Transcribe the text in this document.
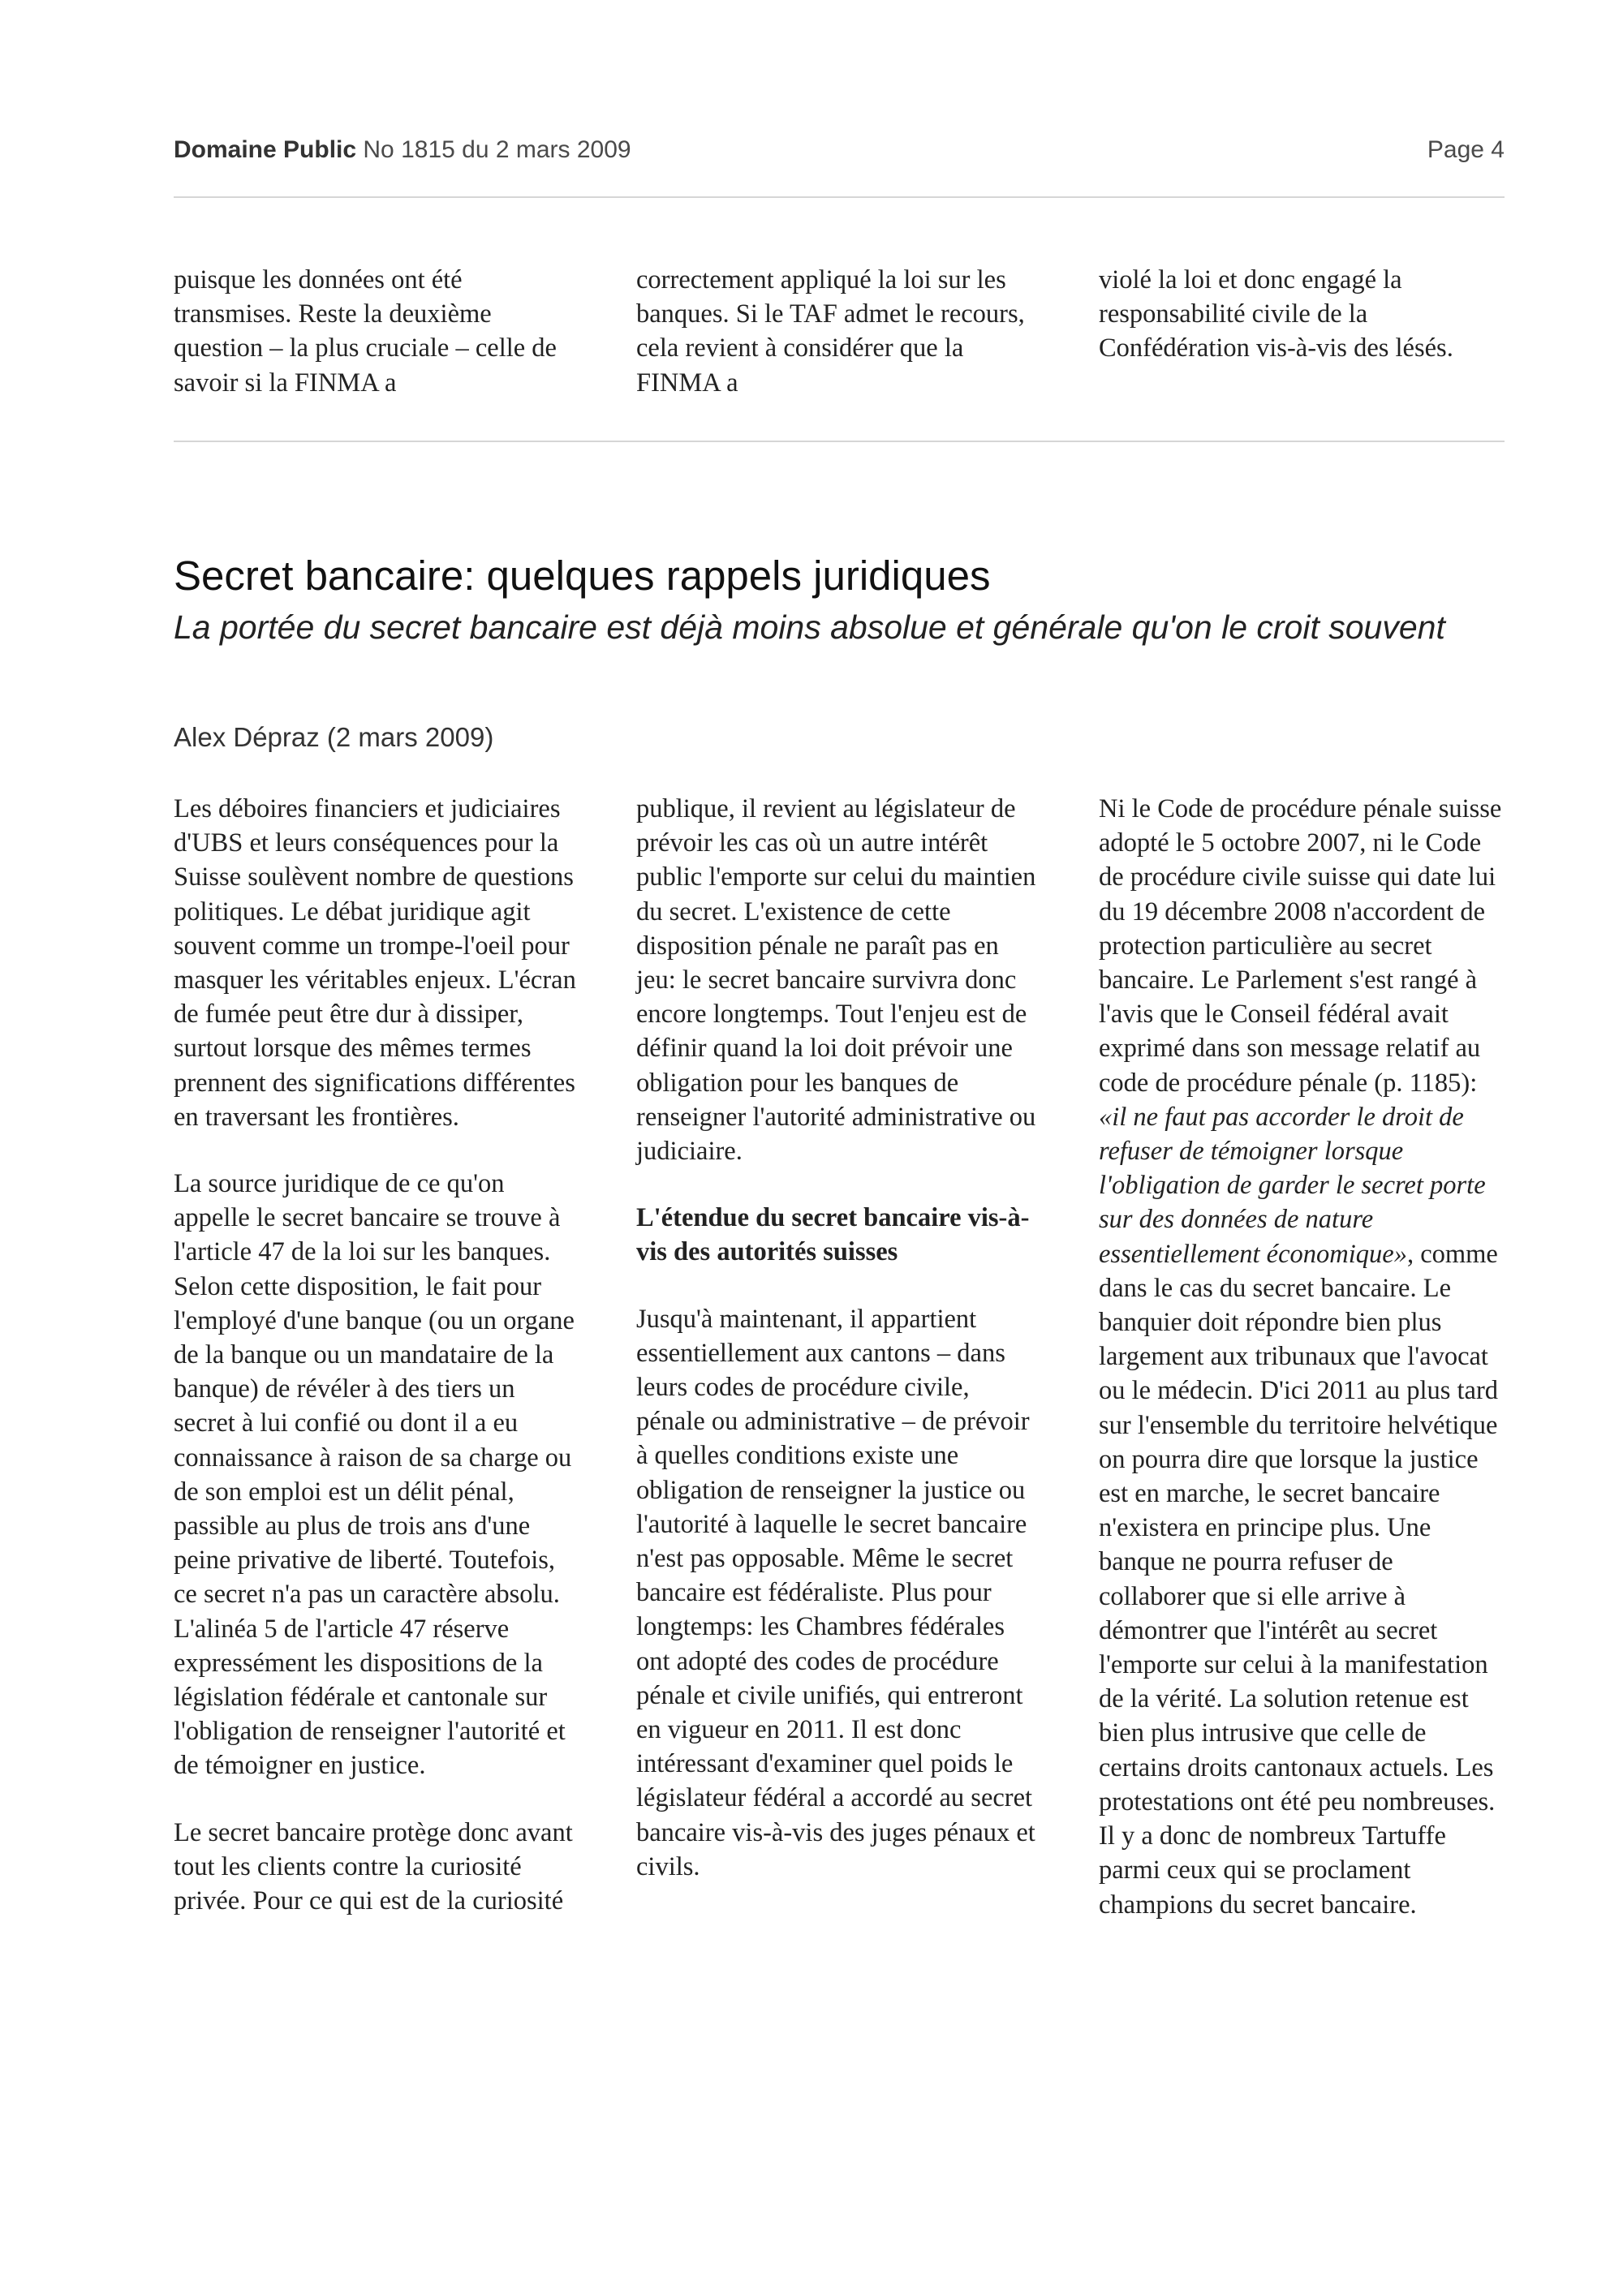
Domaine Public No 1815 du 2 mars 2009	Page 4

puisque les données ont été transmises. Reste la deuxième question – la plus cruciale – celle de savoir si la FINMA a

correctement appliqué la loi sur les banques. Si le TAF admet le recours, cela revient à considérer que la FINMA a

violé la loi et donc engagé la responsabilité civile de la Confédération vis-à-vis des lésés.

Secret bancaire: quelques rappels juridiques

La portée du secret bancaire est déjà moins absolue et générale qu'on le croit souvent

Alex Dépraz (2 mars 2009)

Les déboires financiers et judiciaires d'UBS et leurs conséquences pour la Suisse soulèvent nombre de questions politiques. Le débat juridique agit souvent comme un trompe-l'oeil pour masquer les véritables enjeux. L'écran de fumée peut être dur à dissiper, surtout lorsque des mêmes termes prennent des significations différentes en traversant les frontières.

La source juridique de ce qu'on appelle le secret bancaire se trouve à l'article 47 de la loi sur les banques. Selon cette disposition, le fait pour l'employé d'une banque (ou un organe de la banque ou un mandataire de la banque) de révéler à des tiers un secret à lui confié ou dont il a eu connaissance à raison de sa charge ou de son emploi est un délit pénal, passible au plus de trois ans d'une peine privative de liberté. Toutefois, ce secret n'a pas un caractère absolu. L'alinéa 5 de l'article 47 réserve expressément les dispositions de la législation fédérale et cantonale sur l'obligation de renseigner l'autorité et de témoigner en justice.

Le secret bancaire protège donc avant tout les clients contre la curiosité privée. Pour ce qui est de la curiosité

publique, il revient au législateur de prévoir les cas où un autre intérêt public l'emporte sur celui du maintien du secret. L'existence de cette disposition pénale ne paraît pas en jeu: le secret bancaire survivra donc encore longtemps. Tout l'enjeu est de définir quand la loi doit prévoir une obligation pour les banques de renseigner l'autorité administrative ou judiciaire.

L'étendue du secret bancaire vis-à-vis des autorités suisses

Jusqu'à maintenant, il appartient essentiellement aux cantons – dans leurs codes de procédure civile, pénale ou administrative – de prévoir à quelles conditions existe une obligation de renseigner la justice ou l'autorité à laquelle le secret bancaire n'est pas opposable. Même le secret bancaire est fédéraliste. Plus pour longtemps: les Chambres fédérales ont adopté des codes de procédure pénale et civile unifiés, qui entreront en vigueur en 2011. Il est donc intéressant d'examiner quel poids le législateur fédéral a accordé au secret bancaire vis-à-vis des juges pénaux et civils.

Ni le Code de procédure pénale suisse adopté le 5 octobre 2007, ni le Code de procédure civile suisse qui date lui du 19 décembre 2008 n'accordent de protection particulière au secret bancaire. Le Parlement s'est rangé à l'avis que le Conseil fédéral avait exprimé dans son message relatif au code de procédure pénale (p. 1185): «il ne faut pas accorder le droit de refuser de témoigner lorsque l'obligation de garder le secret porte sur des données de nature essentiellement économique», comme dans le cas du secret bancaire. Le banquier doit répondre bien plus largement aux tribunaux que l'avocat ou le médecin. D'ici 2011 au plus tard sur l'ensemble du territoire helvétique on pourra dire que lorsque la justice est en marche, le secret bancaire n'existera en principe plus. Une banque ne pourra refuser de collaborer que si elle arrive à démontrer que l'intérêt au secret l'emporte sur celui à la manifestation de la vérité. La solution retenue est bien plus intrusive que celle de certains droits cantonaux actuels. Les protestations ont été peu nombreuses. Il y a donc de nombreux Tartuffe parmi ceux qui se proclament champions du secret bancaire.
